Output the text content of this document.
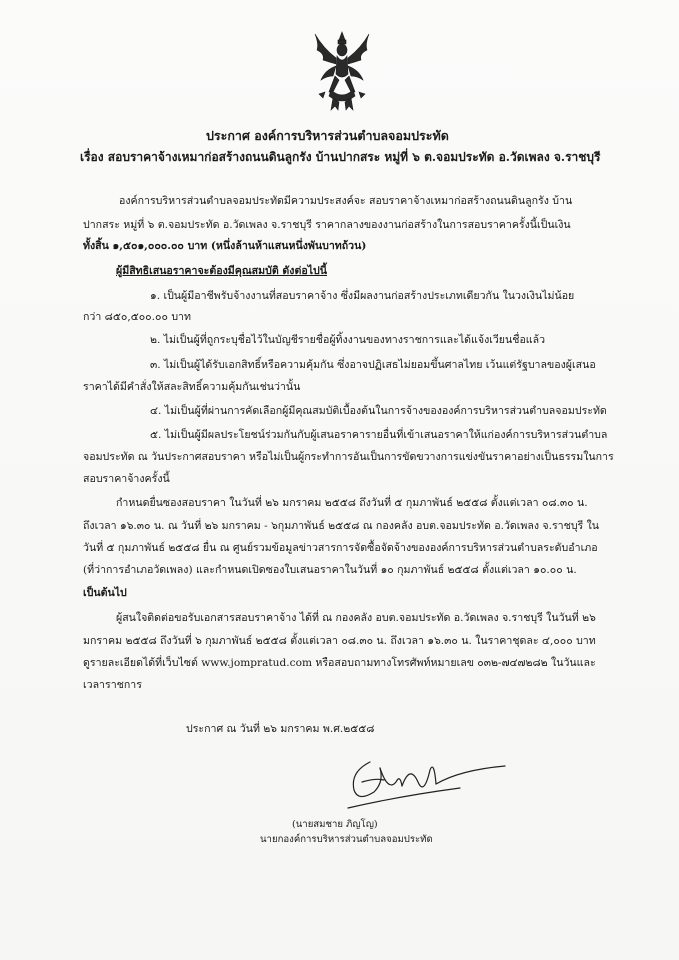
ประกาศ องค์การบริหารส่วนตำบลจอมประทัด
เรื่อง สอบราคาจ้างเหมาก่อสร้างถนนดินลูกรัง บ้านปากสระ หมู่ที่ ๖ ต.จอมประทัด อ.วัดเพลง จ.ราชบุรี
องค์การบริหารส่วนตำบลจอมประทัดมีความประสงค์จะ สอบราคาจ้างเหมาก่อสร้างถนนดินลูกรัง บ้าน
ปากสระ หมู่ที่ ๖ ต.จอมประทัด อ.วัดเพลง จ.ราชบุรี ราคากลางของงานก่อสร้างในการสอบราคาครั้งนี้เป็นเงิน
ทั้งสิ้น ๑,๕๐๑,๐๐๐.๐๐ บาท (หนึ่งล้านห้าแสนหนึ่งพันบาทถ้วน)
ผู้มีสิทธิเสนอราคาจะต้องมีคุณสมบัติ ดังต่อไปนี้
๑. เป็นผู้มีอาชีพรับจ้างงานที่สอบราคาจ้าง ซึ่งมีผลงานก่อสร้างประเภทเดียวกัน ในวงเงินไม่น้อย
กว่า ๘๕๐,๕๐๐.๐๐ บาท
๒. ไม่เป็นผู้ที่ถูกระบุชื่อไว้ในบัญชีรายชื่อผู้ทิ้งงานของทางราชการและได้แจ้งเวียนชื่อแล้ว
๓. ไม่เป็นผู้ได้รับเอกสิทธิ์หรือความคุ้มกัน ซึ่งอาจปฏิเสธไม่ยอมขึ้นศาลไทย เว้นแต่รัฐบาลของผู้เสนอ
ราคาได้มีคำสั่งให้สละสิทธิ์ความคุ้มกันเช่นว่านั้น
๔. ไม่เป็นผู้ที่ผ่านการคัดเลือกผู้มีคุณสมบัติเบื้องต้นในการจ้างขององค์การบริหารส่วนตำบลจอมประทัด
๕. ไม่เป็นผู้มีผลประโยชน์ร่วมกันกับผู้เสนอราคารายอื่นที่เข้าเสนอราคาให้แก่องค์การบริหารส่วนตำบล
จอมประทัด ณ วันประกาศสอบราคา หรือไม่เป็นผู้กระทำการอันเป็นการขัดขวางการแข่งขันราคาอย่างเป็นธรรมในการ
สอบราคาจ้างครั้งนี้
กำหนดยื่นซองสอบราคา ในวันที่ ๒๖ มกราคม ๒๕๕๘ ถึงวันที่ ๕ กุมภาพันธ์ ๒๕๕๘ ตั้งแต่เวลา ๐๘.๓๐ น.
ถึงเวลา ๑๖.๓๐ น. ณ วันที่ ๒๖ มกราคม - ๖กุมภาพันธ์ ๒๕๕๘ ณ กองคลัง อบต.จอมประทัด อ.วัดเพลง จ.ราชบุรี ใน
วันที่ ๕ กุมภาพันธ์ ๒๕๕๘ ยื่น ณ ศูนย์รวมข้อมูลข่าวสารการจัดซื้อจัดจ้างขององค์การบริหารส่วนตำบลระดับอำเภอ
(ที่ว่าการอำเภอวัดเพลง) และกำหนดเปิดซองใบเสนอราคาในวันที่ ๑๐ กุมภาพันธ์ ๒๕๕๘ ตั้งแต่เวลา ๑๐.๐๐ น.
เป็นต้นไป
ผู้สนใจติดต่อขอรับเอกสารสอบราคาจ้าง ได้ที่ ณ กองคลัง อบต.จอมประทัด อ.วัดเพลง จ.ราชบุรี ในวันที่ ๒๖
มกราคม ๒๕๕๘ ถึงวันที่ ๖ กุมภาพันธ์ ๒๕๕๘ ตั้งแต่เวลา ๐๘.๓๐ น. ถึงเวลา ๑๖.๓๐ น. ในราคาชุดละ ๔,๐๐๐ บาท
ดูรายละเอียดได้ที่เว็บไซต์ www.jompratud.com หรือสอบถามทางโทรศัพท์หมายเลข ๐๓๒-๗๔๗๒๘๒ ในวันและ
เวลาราชการ
ประกาศ ณ วันที่ ๒๖ มกราคม พ.ศ.๒๕๕๘
(นายสมชาย ภิญโญ)
นายกองค์การบริหารส่วนตำบลจอมประทัด
